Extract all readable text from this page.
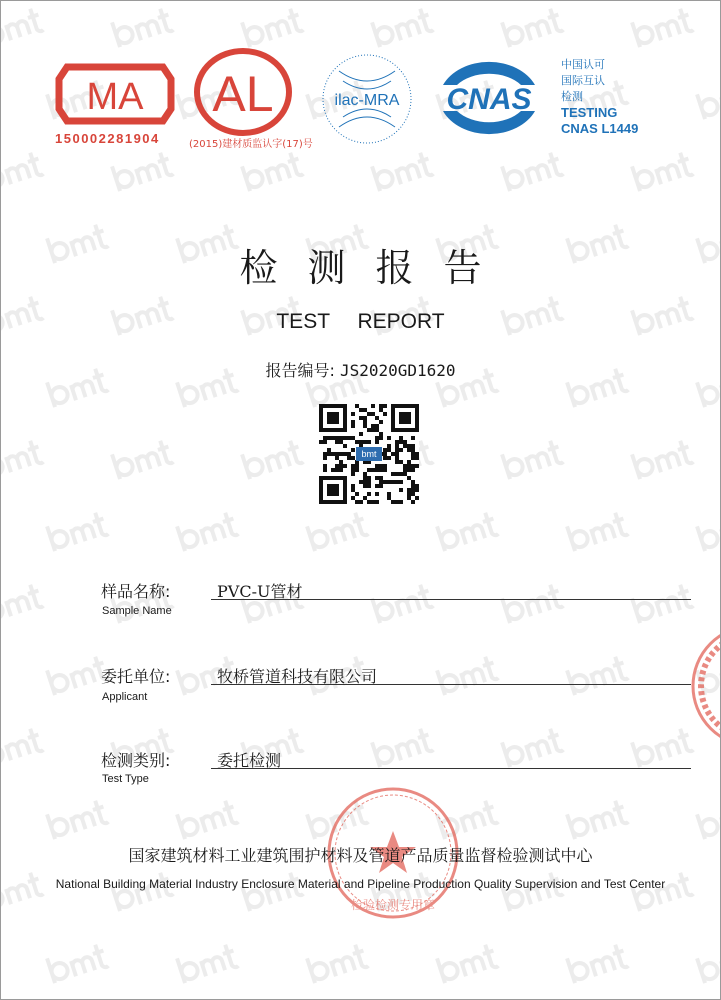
MA
150002281904
AL
(2015)建材质监认字(17)号
ilac-MRA CNAS
中国认可
国际互认
检测
TESTING
CNAS L1449
检测报告
TEST REPORT
报告编号: JS2020GD1620
bmt
样品名称:
Sample Name
PVC-U管材
委托单位:
Applicant
牧桥管道科技有限公司
检测类别:
Test Type
委托检测
检验检测专用章
国家建筑材料工业建筑围护材料及管道产品质量监督检验测试中心
National Building Material Industry Enclosure Material and Pipeline Production Quality Supervision and Test Center
